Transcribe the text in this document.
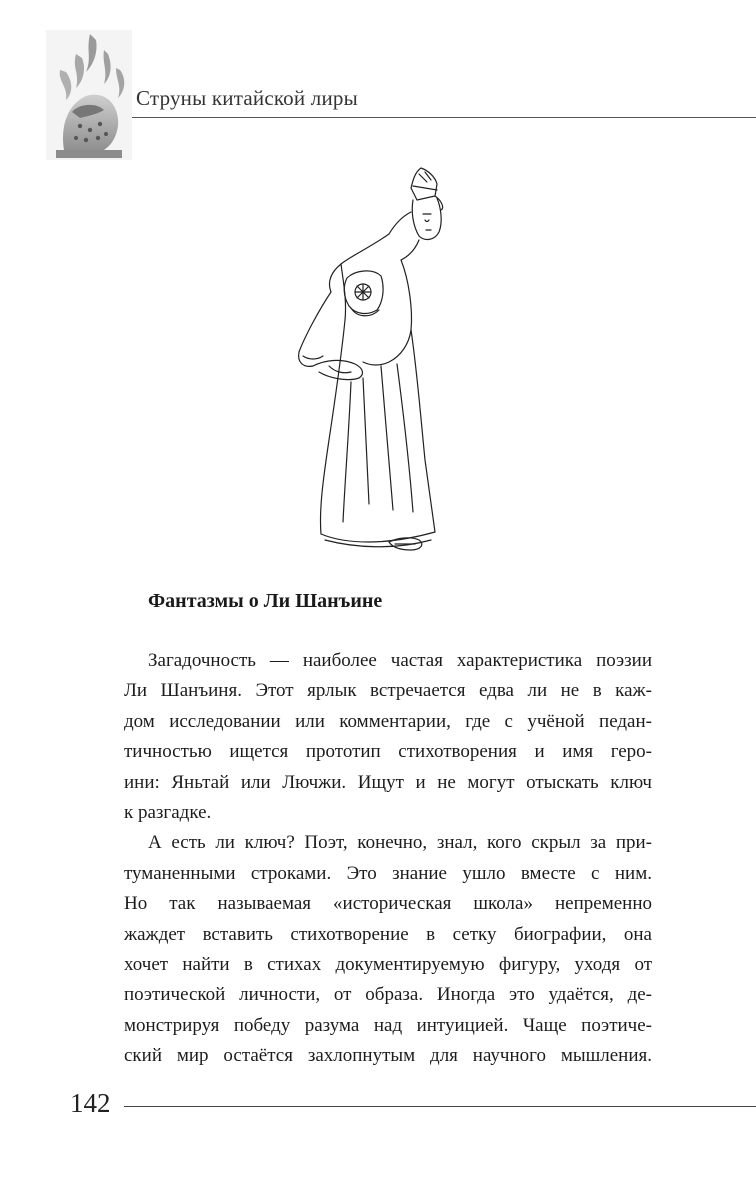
Струны китайской лиры
Фантазмы о Ли Шанъине
Загадочность — наиболее частая характеристика поэзии
Ли Шанъиня. Этот ярлык встречается едва ли не в каж-
дом исследовании или комментарии, где с учёной педан-
тичностью ищется прототип стихотворения и имя геро-
ини: Яньтай или Лючжи. Ищут и не могут отыскать ключ
к разгадке.
А есть ли ключ? Поэт, конечно, знал, кого скрыл за при-
туманенными строками. Это знание ушло вместе с ним.
Но так называемая «историческая школа» непременно
жаждет вставить стихотворение в сетку биографии, она
хочет найти в стихах документируемую фигуру, уходя от
поэтической личности, от образа. Иногда это удаётся, де-
монстрируя победу разума над интуицией. Чаще поэтиче-
ский мир остаётся захлопнутым для научного мышления.
142
